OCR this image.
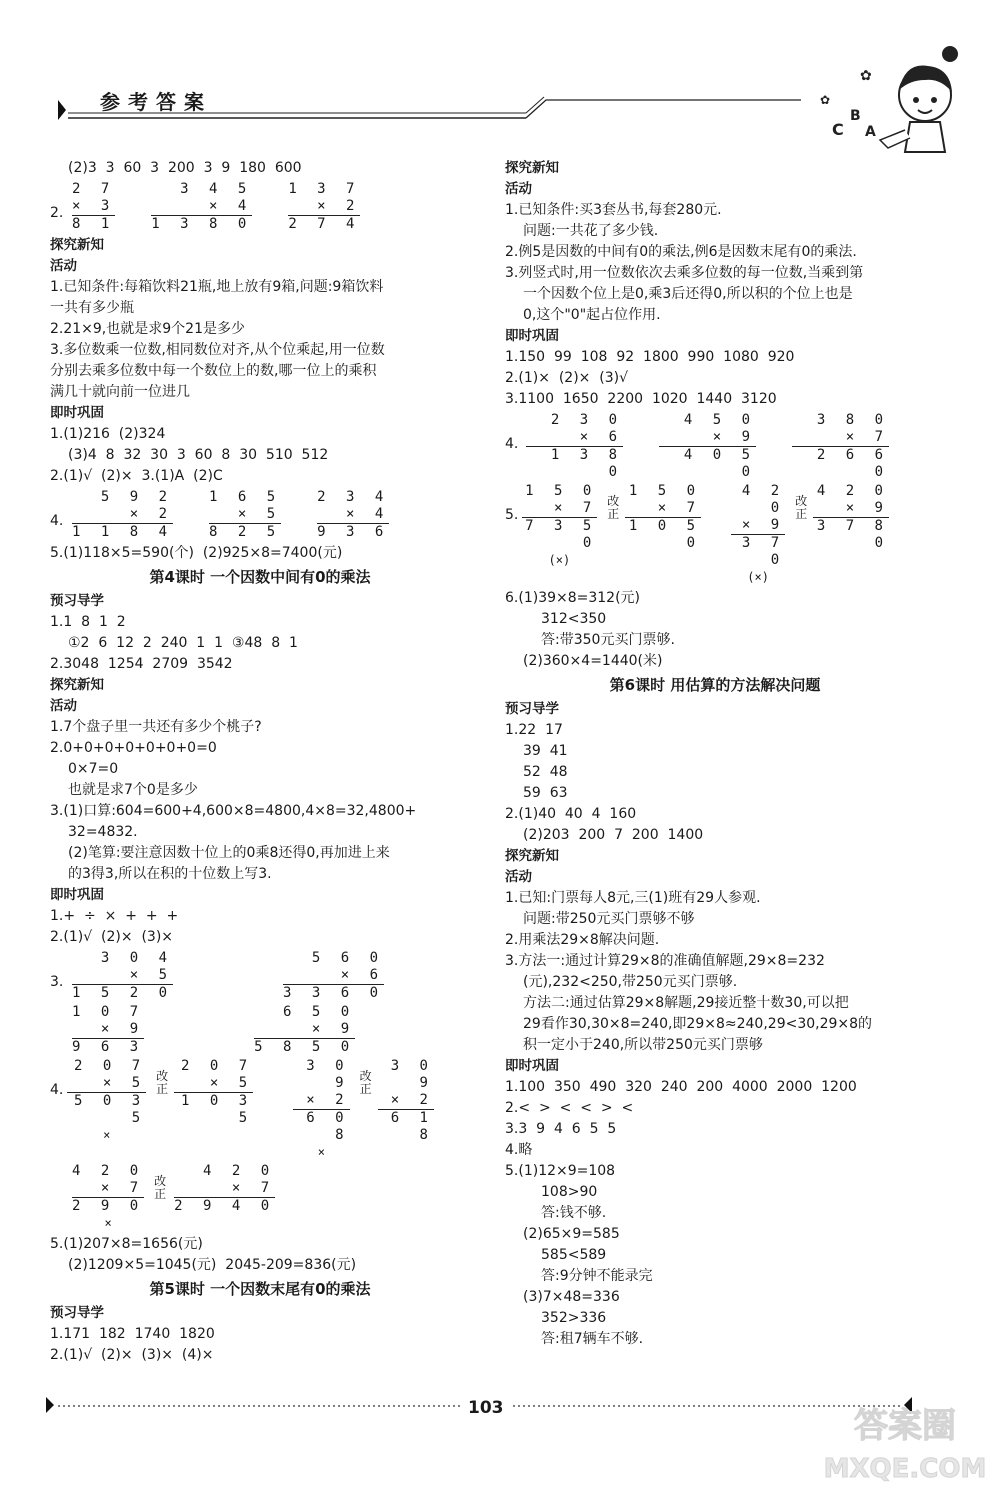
参考答案	✿
✿
C
B
A
(2)3  3  60  3  200  3  9  180  600
2.
2 7
× 3
8 1
3 4 5
× 4
1 3 8 0
1 3 7
× 2
2 7 4
探究新知
活动
1.已知条件:每箱饮料21瓶,地上放有9箱,问题:9箱饮料
一共有多少瓶
2.21×9,也就是求9个21是多少
3.多位数乘一位数,相同数位对齐,从个位乘起,用一位数
分别去乘多位数中每一个数位上的数,哪一位上的乘积
满几十就向前一位进几
即时巩固
1.(1)216  (2)324
(3)4  8  32  30  3  60  8  30  510  512
2.(1)√  (2)×  3.(1)A  (2)C
4.
5 9 2
× 2
1 1 8 4
1 6 5
× 5
8 2 5
2 3 4
× 4
9 3 6
5.(1)118×5=590(个)  (2)925×8=7400(元)
第4课时 一个因数中间有0的乘法
预习导学
1.1  8  1  2
①2  6  12  2  240  1  1  ③48  8  1
2.3048  1254  2709  3542
探究新知
活动
1.7个盘子里一共还有多少个桃子?
2.0+0+0+0+0+0+0=0
0×7=0
也就是求7个0是多少
3.(1)口算:604=600+4,600×8=4800,4×8=32,4800+
32=4832.
(2)笔算:要注意因数十位上的0乘8还得0,再加进上来
的3得3,所以在积的十位数上写3.
即时巩固
1.+  ÷  ×  +  +  +
2.(1)√  (2)×  (3)×
3.
3 0 4
× 5
1 5 2 0
5 6 0
× 6
3 3 6 0
1 0 7
× 9
9 6 3
6 5 0
× 9
5 8 5 0
4.
2 0 7
× 5
5 0 3 5
×
改正
2 0 7
× 5
1 0 3 5
3 0 9
× 2
6 0 8
×
改正
3 0 9
× 2
6 1 8
4 2 0
× 7
2 9 0
×
改正
4 2 0
× 7
2 9 4 0
5.(1)207×8=1656(元)
(2)1209×5=1045(元)  2045-209=836(元)
第5课时 一个因数末尾有0的乘法
预习导学
1.171  182  1740  1820
2.(1)√  (2)×  (3)×  (4)×
探究新知
活动
1.已知条件:买3套丛书,每套280元.
问题:一共花了多少钱.
2.例5是因数的中间有0的乘法,例6是因数末尾有0的乘法.
3.列竖式时,用一位数依次去乘多位数的每一位数,当乘到第
一个因数个位上是0,乘3后还得0,所以积的个位上也是
0,这个"0"起占位作用.
即时巩固
1.150  99  108  92  1800  990  1080  920
2.(1)×  (2)×  (3)√
3.1100  1650  2200  1020  1440  3120
4.
2 3 0
× 6
1 3 8 0
4 5 0
× 9
4 0 5 0
3 8 0
× 7
2 6 6 0
5.
1 5 0
× 7
7 3 5 0
(×)
改正
1 5 0
× 7
1 0 5 0
4 2 0
× 9
3 7 0
(×)
改正
4 2 0
× 9
3 7 8 0
6.(1)39×8=312(元)
312<350
答:带350元买门票够.
(2)360×4=1440(米)
第6课时 用估算的方法解决问题
预习导学
1.22  17
39  41
52  48
59  63
2.(1)40  40  4  160
(2)203  200  7  200  1400
探究新知
活动
1.已知:门票每人8元,三(1)班有29人参观.
问题:带250元买门票够不够
2.用乘法29×8解决问题.
3.方法一:通过计算29×8的准确值解题,29×8=232
(元),232<250,带250元买门票够.
方法二:通过估算29×8解题,29接近整十数30,可以把
29看作30,30×8=240,即29×8≈240,29<30,29×8的
积一定小于240,所以带250元买门票够
即时巩固
1.100  350  490  320  240  200  4000  2000  1200
2.<  >  <  <  >  <
3.3  9  4  6  5  5
4.略
5.(1)12×9=108
108>90
答:钱不够.
(2)65×9=585
585<589
答:9分钟不能录完
(3)7×48=336
352>336
答:租7辆车不够.
103	答案圈
MXQE.COM
